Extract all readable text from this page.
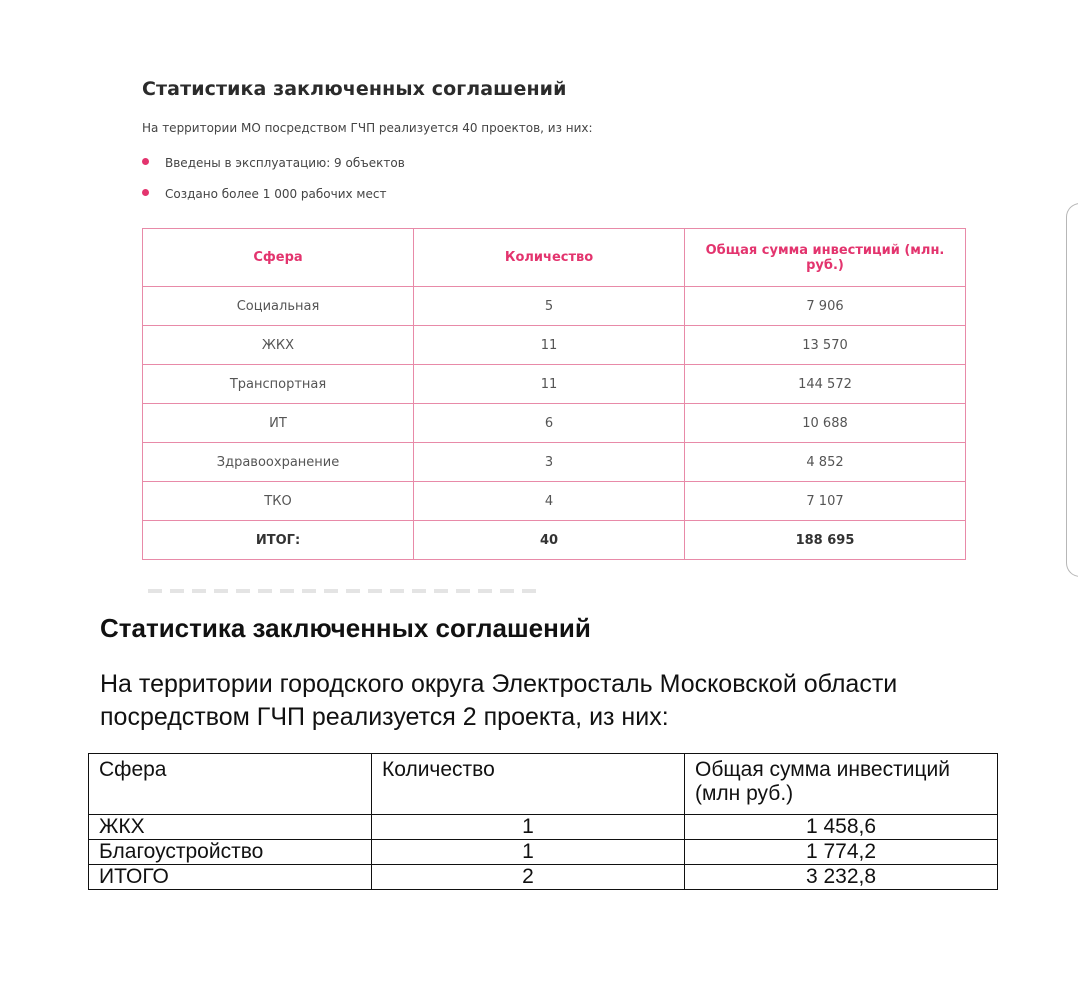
Статистика заключенных соглашений
На территории МО посредством ГЧП реализуется 40 проектов, из них:
Введены в эксплуатацию: 9 объектов
Создано более 1 000 рабочих мест
Сфера	Количество	Общая сумма инвестиций (млн. руб.)
Социальная	5	7 906
ЖКХ	11	13 570
Транспортная	11	144 572
ИТ	6	10 688
Здравоохранение	3	4 852
ТКО	4	7 107
ИТОГ:	40	188 695
Статистика заключенных соглашений

На территории городского округа Электросталь Московской области посредством ГЧП реализуется 2 проекта, из них:

Сфера	Количество	Общая сумма инвестиций (млн руб.)
ЖКХ	1	1 458,6
Благоустройство	1	1 774,2
ИТОГО	2	3 232,8
